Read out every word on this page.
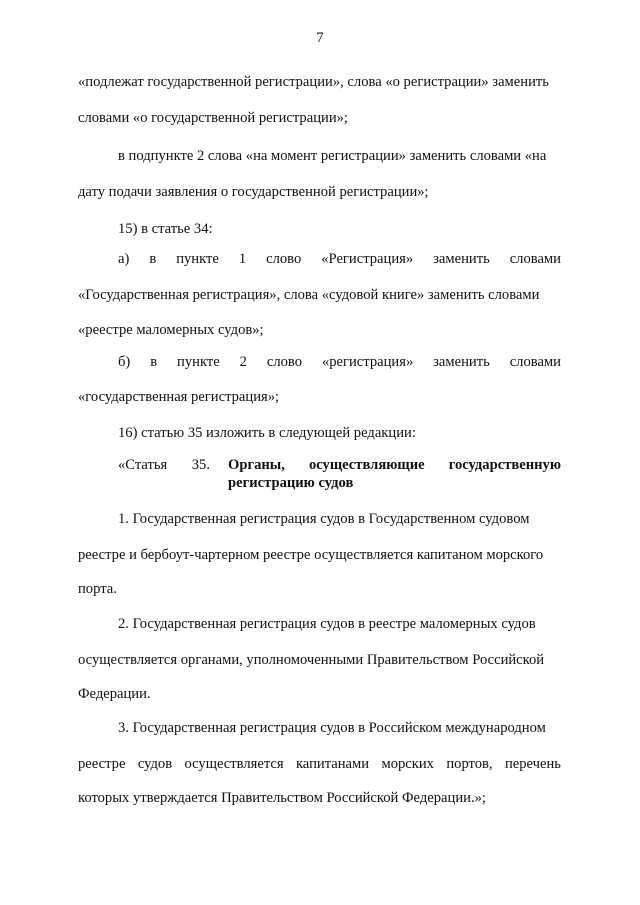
7
«подлежат государственной регистрации», слова «о регистрации» заменить
словами «о государственной регистрации»;
в подпункте 2 слова «на момент регистрации» заменить словами «на
дату подачи заявления о государственной регистрации»;
15) в статье 34:
а) в пункте 1 слово «Регистрация» заменить словами
«Государственная регистрация», слова «судовой книге» заменить словами
«реестре маломерных судов»;
б) в пункте 2 слово «регистрация» заменить словами
«государственная регистрация»;
16) статью 35 изложить в следующей редакции:
1. Государственная регистрация судов в Государственном судовом
реестре и бербоут-чартерном реестре осуществляется капитаном морского
порта.
2. Государственная регистрация судов в реестре маломерных судов
осуществляется органами, уполномоченными Правительством Российской
Федерации.
3. Государственная регистрация судов в Российском международном
реестре судов осуществляется капитанами морских портов, перечень
которых утверждается Правительством Российской Федерации.»;
«Статья 35. Органы, осуществляющие государственную
регистрацию судов
